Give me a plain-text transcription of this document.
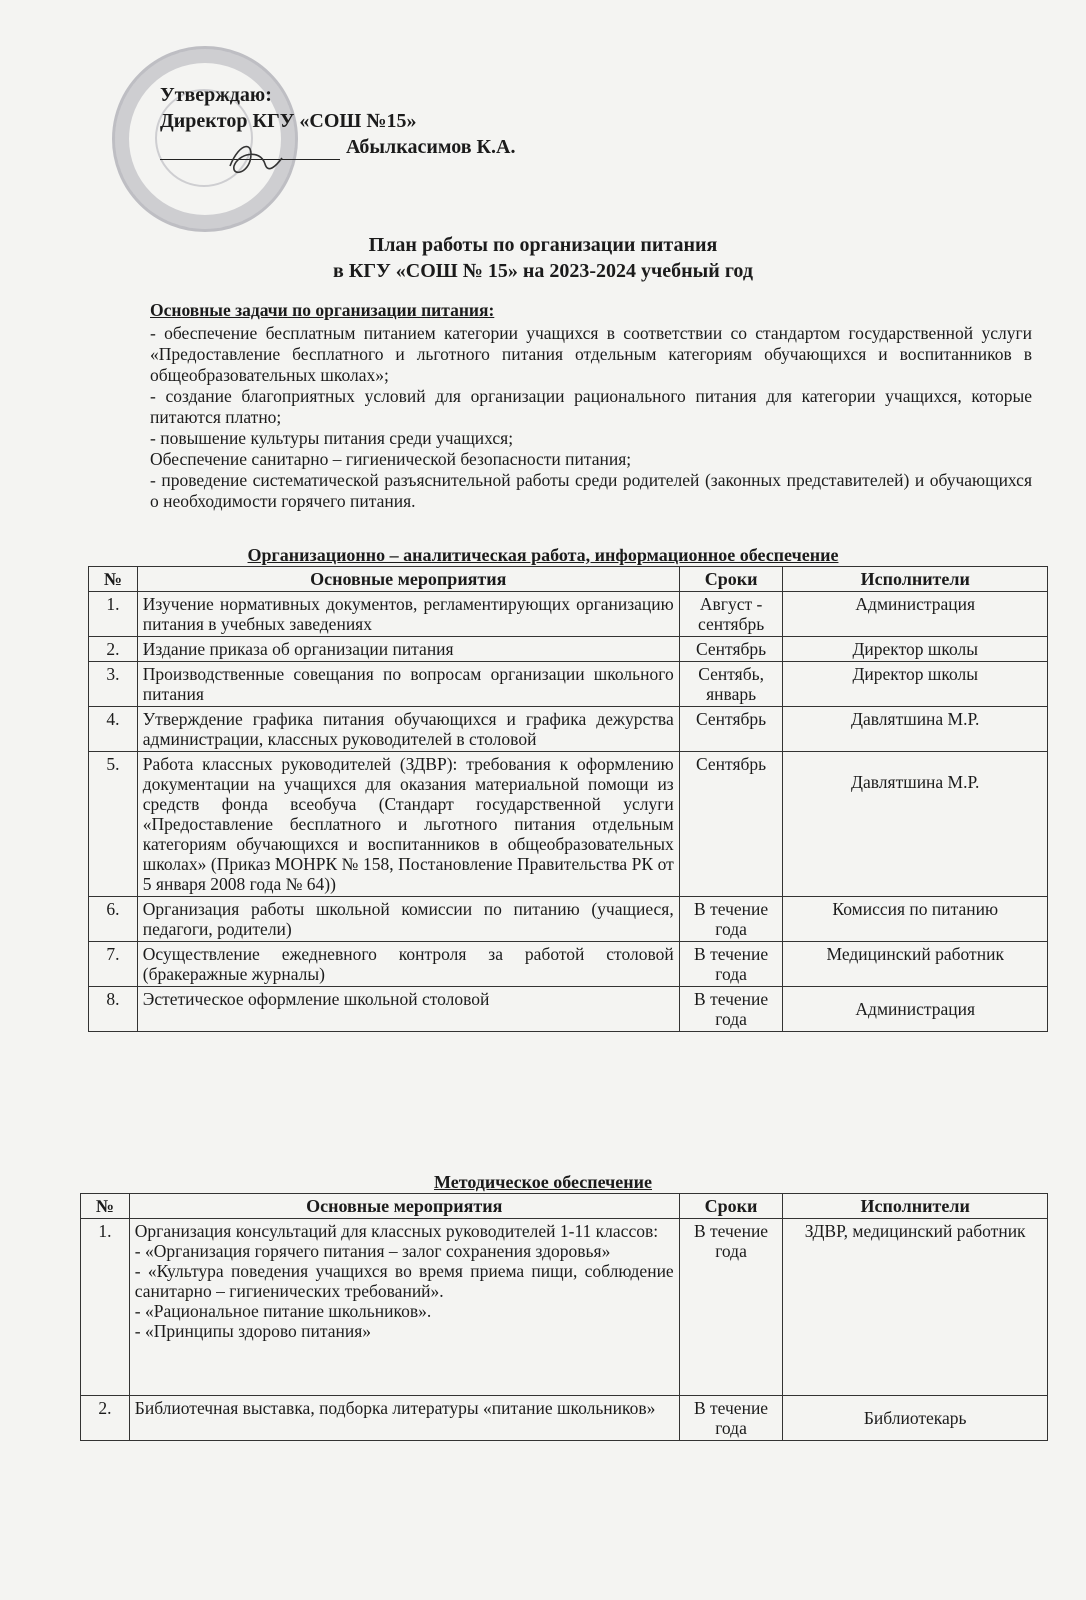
Утверждаю:
Директор КГУ «СОШ №15»
Абылкасимов К.А.
План работы по организации питания
в КГУ «СОШ № 15» на 2023-2024 учебный год
Основные задачи по организации питания:

- обеспечение бесплатным питанием категории учащихся в соответствии со стандартом государственной услуги «Предоставление бесплатного и льготного питания отдельным категориям обучающихся и воспитанников в общеобразовательных школах»;

- создание благоприятных условий для организации рационального питания для категории учащихся, которые питаются платно;

- повышение культуры питания среди учащихся;

Обеспечение санитарно – гигиенической безопасности питания;

- проведение систематической разъяснительной работы среди родителей (законных представителей) и обучающихся о необходимости горячего питания.

Организационно – аналитическая работа, информационное обеспечение
№	Основные мероприятия	Сроки	Исполнители
1.	Изучение нормативных документов, регламентирующих организацию питания в учебных заведениях	Август - сентябрь	Администрация
2.	Издание приказа об организации питания	Сентябрь	Директор школы
3.	Производственные совещания по вопросам организации школьного питания	Сентябь, январь	Директор школы
4.	Утверждение графика питания обучающихся и графика дежурства администрации, классных руководителей в столовой	Сентябрь	Давлятшина М.Р.
5.	Работа классных руководителей (ЗДВР): требования к оформлению документации на учащихся для оказания материальной помощи из средств фонда всеобуча (Стандарт государственной услуги «Предоставление бесплатного и льготного питания отдельным категориям обучающихся и воспитанников в общеобразовательных школах» (Приказ МОНРК № 158, Постановление Правительства РК от 5 января 2008 года № 64))	Сентябрь	Давлятшина М.Р.
6.	Организация работы школьной комиссии по питанию (учащиеся, педагоги, родители)	В течение года	Комиссия по питанию
7.	Осуществление ежедневного контроля за работой столовой (бракеражные журналы)	В течение года	Медицинский работник
8.	Эстетическое оформление школьной столовой	В течение года	Администрация
Методическое обеспечение
№	Основные мероприятия	Сроки	Исполнители
1.	Организация консультаций для классных руководителей 1-11 классов:
- «Организация горячего питания – залог сохранения здоровья»
- «Культура поведения учащихся во время приема пищи, соблюдение санитарно – гигиенических требований».
- «Рациональное питание школьников».
- «Принципы здорово питания»	В течение года	ЗДВР, медицинский работник
2.	Библиотечная выставка, подборка литературы «питание школьников»	В течение года	Библиотекарь
